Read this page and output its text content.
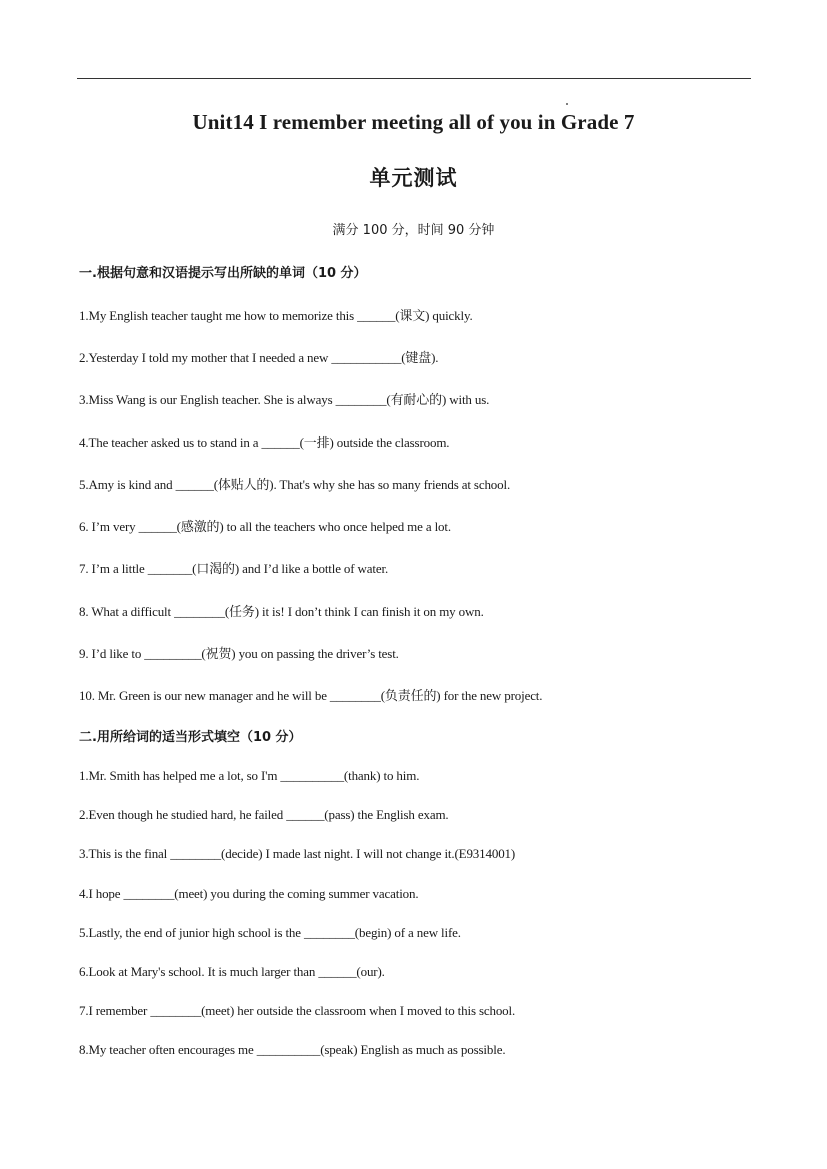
Unit14 I remember meeting all of you in Grade 7
单元测试
满分 100 分，时间 90 分钟
一.根据句意和汉语提示写出所缺的单词（10 分）
1.My English teacher taught me how to memorize this ______(课文) quickly.
2.Yesterday I told my mother that I needed a new ___________(键盘).
3.Miss Wang is our English teacher. She is always ________(有耐心的) with us.
4.The teacher asked us to stand in a ______(一排) outside the classroom.
5.Amy is kind and ______(体贴人的). That's why she has so many friends at school.
6. I’m very ______(感激的) to all the teachers who once helped me a lot.
7. I’m a little _______(口渴的) and I’d like a bottle of water.
8. What a difficult ________(任务) it is! I don’t think I can finish it on my own.
9. I’d like to _________(祝贺) you on passing the driver’s test.
10. Mr. Green is our new manager and he will be ________(负责任的) for the new project.
二.用所给词的适当形式填空（10 分）
1.Mr. Smith has helped me a lot, so I'm __________(thank) to him.
2.Even though he studied hard, he failed ______(pass) the English exam.
3.This is the final ________(decide) I made last night. I will not change it.(E9314001)
4.I hope ________(meet) you during the coming summer vacation.
5.Lastly, the end of junior high school is the ________(begin) of a new life.
6.Look at Mary's school. It is much larger than ______(our).
7.I remember ________(meet) her outside the classroom when I moved to this school.
8.My teacher often encourages me __________(speak) English as much as possible.
